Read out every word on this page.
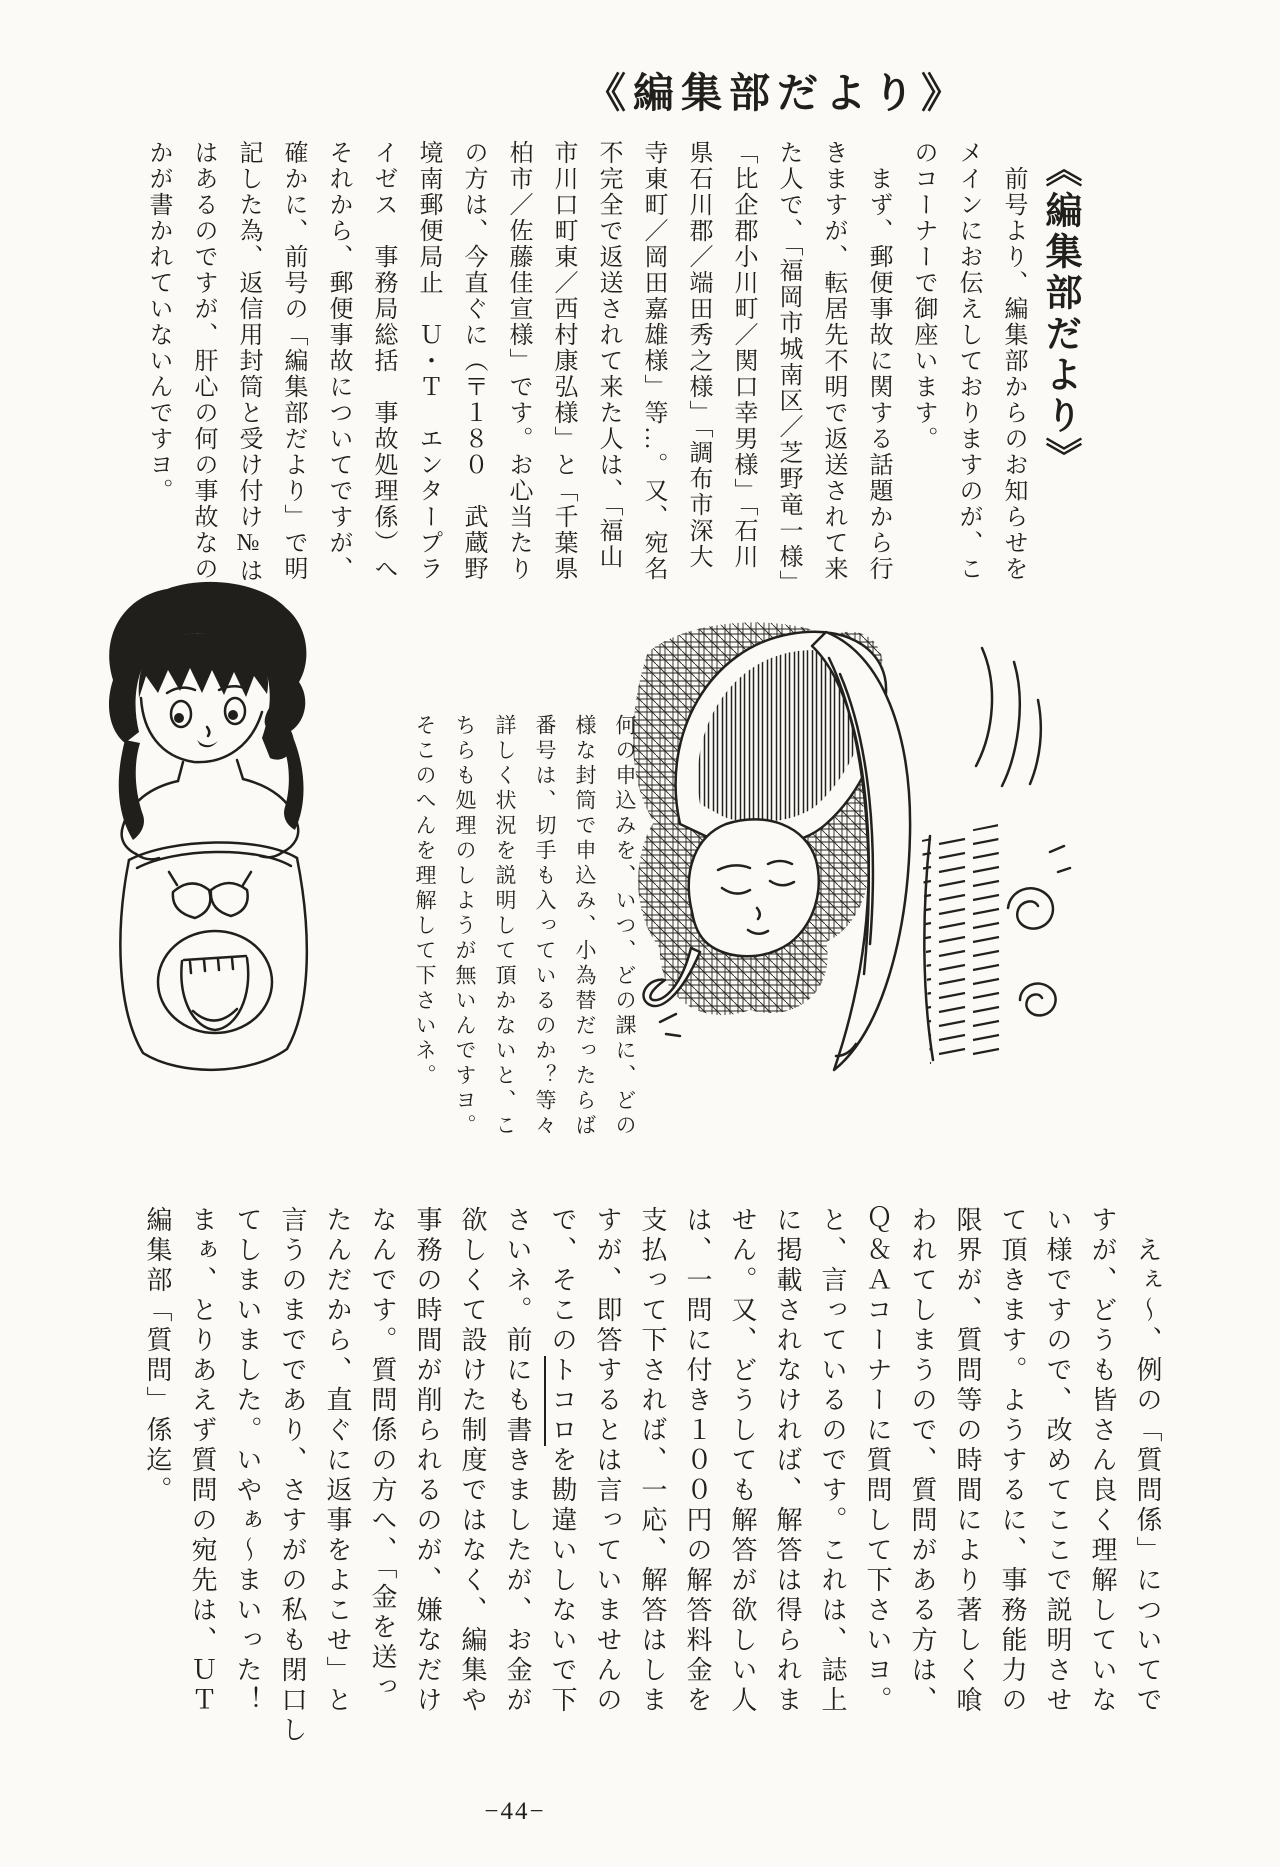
《編集部だより》
《編集部だより》
　前号より、編集部からのお知らせを
メインにお伝えしておりますのが、こ
のコーナーで御座います。
　まず、郵便事故に関する話題から行
きますが、転居先不明で返送されて来
た人で、「福岡市城南区／芝野竜一様」
「比企郡小川町／関口幸男様」「石川
県石川郡／端田秀之様」「調布市深大
寺東町／岡田嘉雄様」等…。又、宛名
不完全で返送されて来た人は、「福山
市川口町東／西村康弘様」と「千葉県
柏市／佐藤佳宣様」です。お心当たり
の方は、今直ぐに（〒１８０　武蔵野
境南郵便局止　Ｕ・Ｔ　エンタープラ
イゼス　事務局総括　事故処理係）へ
それから、郵便事故についてですが、
確かに、前号の「編集部だより」で明
記した為、返信用封筒と受け付け№は
はあるのですが、肝心の何の事故なの
かが書かれていないんですヨ。
何の申込みを、いつ、どの課に、どの
様な封筒で申込み、小為替だったらば
番号は、切手も入っているのか？等々
詳しく状況を説明して頂かないと、こ
ちらも処理のしようが無いんですヨ。
そこのへんを理解して下さいネ。
　えぇ〜、例の「質問係」についてで
すが、どうも皆さん良く理解していな
い様ですので、改めてここで説明させ
て頂きます。ようするに、事務能力の
限界が、質問等の時間により著しく喰
われてしまうので、質問がある方は、
Ｑ＆Ａコーナーに質問して下さいヨ。
と、言っているのです。これは、誌上
に掲載されなければ、解答は得られま
せん。又、どうしても解答が欲しい人
は、一問に付き１００円の解答料金を
支払って下されば、一応、解答はしま
すが、即答するとは言っていませんの
で、そこのトコロを勘違いしないで下
さいネ。前にも書きましたが、お金が
欲しくて設けた制度ではなく、編集や
事務の時間が削られるのが、嫌なだけ
なんです。質問係の方へ、「金を送っ
たんだから、直ぐに返事をよこせ」と
言うのまでであり、さすがの私も閉口し
てしまいました。いやぁ〜まいった！
まぁ、とりあえず質問の宛先は、ＵＴ
編集部「質問」係迄。
−44−
